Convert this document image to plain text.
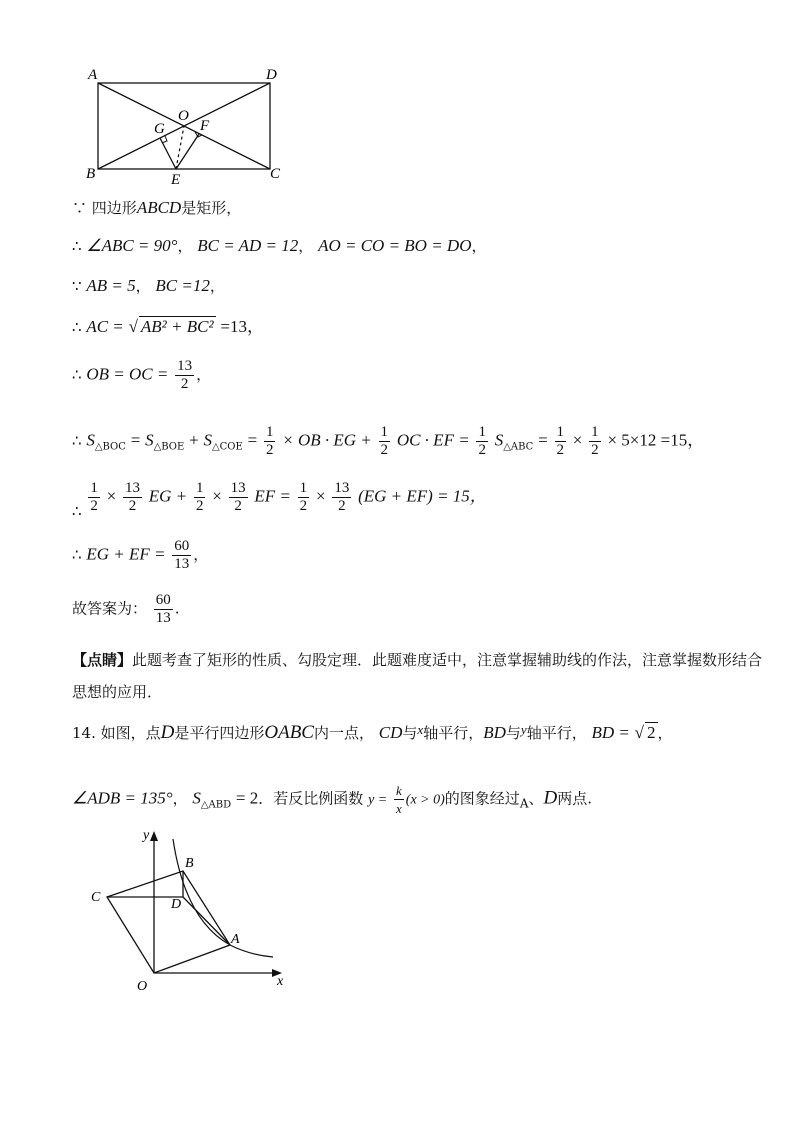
A	D
O
G F
B	E	C
∵ 四边形ABCD是矩形，
∴ ∠ABC = 90°， BC = AD = 12， AO = CO = BO = DO，
∵ AB = 5， BC =12，
∴ AC = √ AB² + BC² =13，
∴ OB = OC = $\frac{13}{2}$ ，
∴ $S_{\triangle BOC} = S_{\triangle BOE} + S_{\triangle COE} = \frac{1}{2}$ × OB · EG + $\frac{1}{2}$ OC · EF = $\frac{1}{2} S_{\triangle ABC} = \frac{1}{2} \times \frac{1}{2} \times 5\times 12 =15$，
∴ $\frac{1}{2} \times \frac{13}{2}$ EG + $\frac{1}{2} \times \frac{13}{2}$ EF = $\frac{1}{2} \times \frac{13}{2} (EG + EF) = 15$，
∴ EG + EF = $\frac{60}{13}$ ，
故答案为： $\frac{60}{13}$ .
【点睛】此题考查了矩形的性质、勾股定理．此题难度适中，注意掌握辅助线的作法，注意掌握数形结合
思想的应用．
14. 如图，点D是平行四边形OABC内一点， CD与x轴平行，BD与y轴平行， BD = √ 2 ，
∠ADB = 135°， $S_{\triangle ABD} = 2$．若反比例函数 $y = \frac{k}{x} (x > 0)$的图象经过$_A$、D两点.
y
B
C	D
A
O	x
